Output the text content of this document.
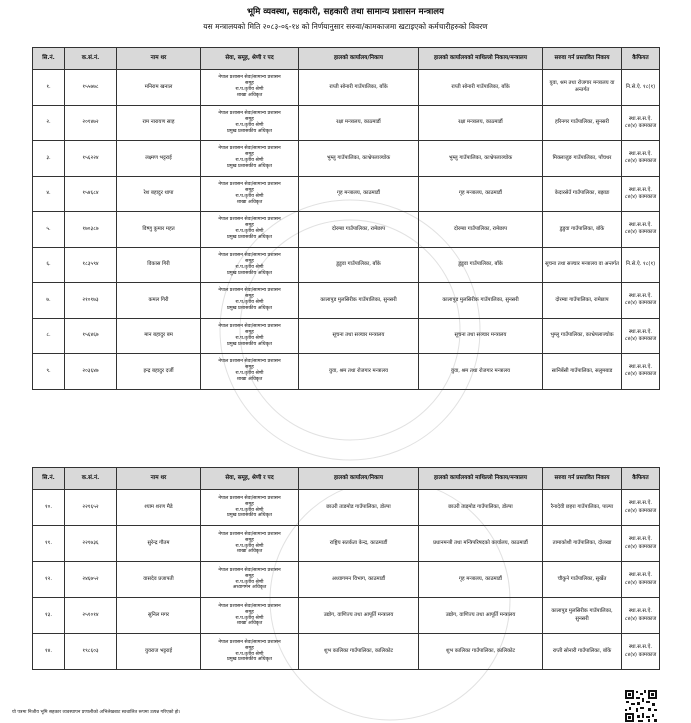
भूमि व्यवस्था, सहकारी, सहकारी तथा सामान्य प्रशासन मन्त्रालय
यस मन्त्रालयको मिति २०८३-०६-१४ को निर्णयानुसार सरुवा/कामकाजमा खटाइएको कर्मचारीहरुको विवरण
सि.नं.	क.सं.नं.	नाम थर	सेवा, समूह, श्रेणी र पद	हालको कार्यालय/निकाय	हालको कार्यालयको माथिल्लो निकाय/मन्त्रालय	सरुवा गर्न प्रस्तावित निकाय	कैफियत
१.	१५५७७८	मनिराम खनाल	नेपाल प्रशासन सेवा/सामान्य प्रशासन
समूह
रा.प.तृतीय श्रेणी
शाखा अधिकृत	राप्ती सोनारी गाउँपालिका, बाँके	राप्ती सोनारी गाउँपालिका, बाँके	युवा, श्रम तथा रोजगार मन्त्रालय वा अन्तर्गत	नि.से.ऐ. १८(१)
२.	२०१४७२	राम नारायण साह	नेपाल प्रशासन सेवा/सामान्य प्रशासन
समूह
रा.प.तृतीय श्रेणी
प्रमुख प्रशासकीय अधिकृत	रक्षा मन्त्रालय, काठमाडौं	रक्षा मन्त्रालय, काठमाडौं	हरिनगर गाउँपालिका, सुनसरी	स्था.स.स.ऐ. ८४(४) कामकाज
३.	१५६२२४	लक्ष्मण भट्टराई	नेपाल प्रशासन सेवा/सामान्य प्रशासन
समूह
रा.प.तृतीय श्रेणी
प्रमुख प्रशासकीय अधिकृत	भुम्लु गाउँपालिका, काभ्रेपलाञ्चोक	भुम्लु गाउँपालिका, काभ्रेपलाञ्चोक	मिक्लाजुङ गाउँपालिका, पाँचथर	स्था.स.स.ऐ. ८४(४) कामकाज
४.	१५४६८४	रेश बहादुर थापा	नेपाल प्रशासन सेवा/सामान्य प्रशासन
समूह
रा.प.तृतीय श्रेणी
शाखा अधिकृत	गृह मन्त्रालय, काठमाडौं	गृह मन्त्रालय, काठमाडौं	केदारसेउँ गाउँपालिका, बझाङ	स्था.स.स.ऐ. ८४(४) कामकाज
५.	१७०३८७	विष्णु कुमार महत	नेपाल प्रशासन सेवा/सामान्य प्रशासन
समूह
रा.प.तृतीय श्रेणी
प्रमुख प्रशासकीय अधिकृत	दोरम्बा गाउँपालिका, रामेछाप	दोरम्बा गाउँपालिका, रामेछाप	डुडुवा गाउँपालिका, बाँके	स्था.स.स.ऐ. ८४(४) कामकाज
६.	१८३५९४	विकास गिरी	नेपाल प्रशासन सेवा/सामान्य प्रशासन
समूह
रा.प.तृतीय श्रेणी
प्रमुख प्रशासकीय अधिकृत	डुडुवा गाउँपालिका, बाँके	डुडुवा गाउँपालिका, बाँके	सूचना तथा सञ्चार मन्त्रालय वा अन्तर्गत	नि.से.ऐ. १८(१)
७.	२१०१७३	कमल गिरी	नेपाल प्रशासन सेवा/सामान्य प्रशासन
समूह
रा.प.तृतीय श्रेणी
प्रमुख प्रशासकीय अधिकृत	कालापुड मुलसिरीक गाउँपालिका, सुनसरी	कालापुड मुलसिरीक गाउँपालिका, सुनसरी	दोरम्बा गाउँपालिका, रामेछाप	स्था.स.स.ऐ. ८४(४) कामकाज
८.	१५६४६७	मान बहादुर बम	नेपाल प्रशासन सेवा/सामान्य प्रशासन
समूह
रा.प.तृतीय श्रेणी
प्रमुख प्रशासकीय अधिकृत	सूचना तथा सञ्चार मन्त्रालय	सूचना तथा सञ्चार मन्त्रालय	भुम्लु गाउँपालिका, काभ्रेपलाञ्चोक	स्था.स.स.ऐ. ८४(४) कामकाज
९.	२०३६४७	इन्द्र बहादुर दर्जी	नेपाल प्रशासन सेवा/सामान्य प्रशासन
समूह
रा.प.तृतीय श्रेणी
शाखा अधिकृत	युवा, श्रम तथा रोजगार मन्त्रालय	युवा, श्रम तथा रोजगार मन्त्रालय	सानिबेंसी गाउँपालिका, सलुमबाड	स्था.स.स.ऐ. ८४(४) कामकाज
सि.नं.	क.सं.नं.	नाम थर	सेवा, समूह, श्रेणी र पद	हालको कार्यालय/निकाय	हालको कार्यालयको माथिल्लो निकाय/मन्त्रालय	सरुवा गर्न प्रस्तावित निकाय	कैफियत
१०.	२२१६५२	श्याम शरण मैडे	नेपाल प्रशासन सेवा/सामान्य प्रशासन
समूह
रा.प.तृतीय श्रेणी
प्रमुख प्रशासकीय अधिकृत	छाउरी ताडमोड गाउँपालिका, डोल्पा	छाउरी ताडमोड गाउँपालिका, डोल्पा	रैनादेवी छहरा गाउँपालिका, पाल्पा	स्था.स.स.ऐ. ८४(४) कामकाज
११.	२२१७३६	सुरेन्द्र गौतम	नेपाल प्रशासन सेवा/सामान्य प्रशासन
समूह
रा.प.तृतीय श्रेणी
शाखा अधिकृत	राष्ट्रिय सतर्कता केन्द्र, काठमाडौं	प्रधानमन्त्री तथा मन्त्रिपरिषदको कार्यालय, काठमाडौं	तामाकोशी गाउँपालिका, दोलखा	स्था.स.स.ऐ. ८४(४) कामकाज
१२.	२४६७५२	वासदेव प्रजापती	नेपाल प्रशासन सेवा/सामान्य प्रशासन
समूह
रा.प.तृतीय श्रेणी
अध्यागमन अधिकृत	अध्यागमन विभाग, काठमाडौं	गृह मन्त्रालय, काठमाडौं	चौकुने गाउँपालिका, सुर्खेत	स्था.स.स.ऐ. ८४(४) कामकाज
१३.	२५१०१४	सुनिल मगर	नेपाल प्रशासन सेवा/सामान्य प्रशासन
समूह
रा.प.तृतीय श्रेणी
शाखा अधिकृत	उद्योग, वाणिज्य तथा आपूर्ति मन्त्रालय	उद्योग, वाणिज्य तथा आपूर्ति मन्त्रालय	कालापुड मुलसिरीक गाउँपालिका, सुनसरी	स्था.स.स.ऐ. ८४(४) कामकाज
१४.	१९८६०३	युवराज भट्टराई	नेपाल प्रशासन सेवा/सामान्य प्रशासन
समूह
रा.प.तृतीय श्रेणी
प्रमुख प्रशासकीय अधिकृत	शुभ कालिका गाउँपालिका, कालिकोट	शुभ कालिका गाउँपालिका, कालिकोट	राप्ती सोनारी गाउँपालिका, बाँके	स्था.स.स.ऐ. ८४(४) कामकाज
यो पत्रमा निजीय भूमि सहकार व्यवस्थापन प्रणालीको अभिलेखबाट स्वचालित रूपमा उत्पन्न गरिएको हो।
